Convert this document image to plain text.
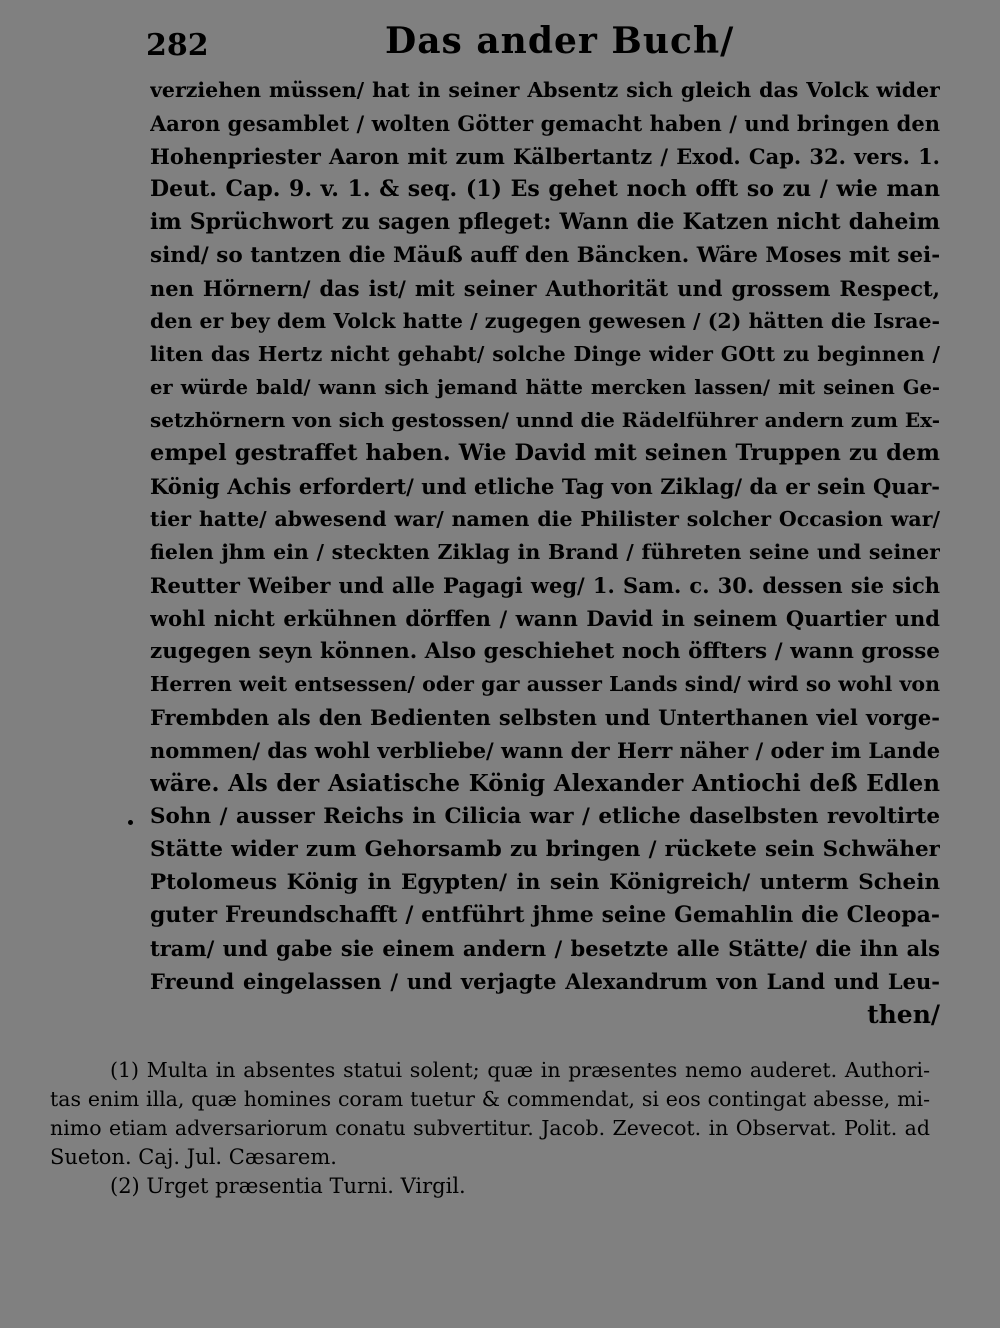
282	Das ander Buch/
verziehen müssen/ hat in seiner Absentz sich gleich das Volck wider
Aaron gesamblet / wolten Götter gemacht haben / und bringen den
Hohenpriester Aaron mit zum Kälbertantz / Exod. Cap. 32. vers. 1.
Deut. Cap. 9. v. 1. & seq. (1) Es gehet noch offt so zu / wie man
im Sprüchwort zu sagen pfleget: Wann die Katzen nicht daheim
sind/ so tantzen die Mäuß auff den Bäncken. Wäre Moses mit sei-
nen Hörnern/ das ist/ mit seiner Authorität und grossem Respect,
den er bey dem Volck hatte / zugegen gewesen / (2) hätten die Israe-
liten das Hertz nicht gehabt/ solche Dinge wider GOtt zu beginnen /
er würde bald/ wann sich jemand hätte mercken lassen/ mit seinen Ge-
setzhörnern von sich gestossen/ unnd die Rädelführer andern zum Ex-
empel gestraffet haben. Wie David mit seinen Truppen zu dem
König Achis erfordert/ und etliche Tag von Ziklag/ da er sein Quar-
tier hatte/ abwesend war/ namen die Philister solcher Occasion war/
fielen jhm ein / steckten Ziklag in Brand / führeten seine und seiner
Reutter Weiber und alle Pagagi weg/ 1. Sam. c. 30. dessen sie sich
wohl nicht erkühnen dörffen / wann David in seinem Quartier und
zugegen seyn können. Also geschiehet noch öffters / wann grosse
Herren weit entsessen/ oder gar ausser Lands sind/ wird so wohl von
Frembden als den Bedienten selbsten und Unterthanen viel vorge-
nommen/ das wohl verbliebe/ wann der Herr näher / oder im Lande
wäre. Als der Asiatische König Alexander Antiochi deß Edlen
Sohn / ausser Reichs in Cilicia war / etliche daselbsten revoltirte
Stätte wider zum Gehorsamb zu bringen / rückete sein Schwäher
Ptolomeus König in Egypten/ in sein Königreich/ unterm Schein
guter Freundschafft / entführt jhme seine Gemahlin die Cleopa-
tram/ und gabe sie einem andern / besetzte alle Stätte/ die ihn als
Freund eingelassen / und verjagte Alexandrum von Land und Leu-
then/
(1) Multa in absentes statui solent; quæ in præsentes nemo auderet. Authori-
tas enim illa, quæ homines coram tuetur & commendat, si eos contingat abesse, mi-
nimo etiam adversariorum conatu subvertitur. Jacob. Zevecot. in Observat. Polit. ad
Sueton. Caj. Jul. Cæsarem.
(2) Urget præsentia Turni. Virgil.
